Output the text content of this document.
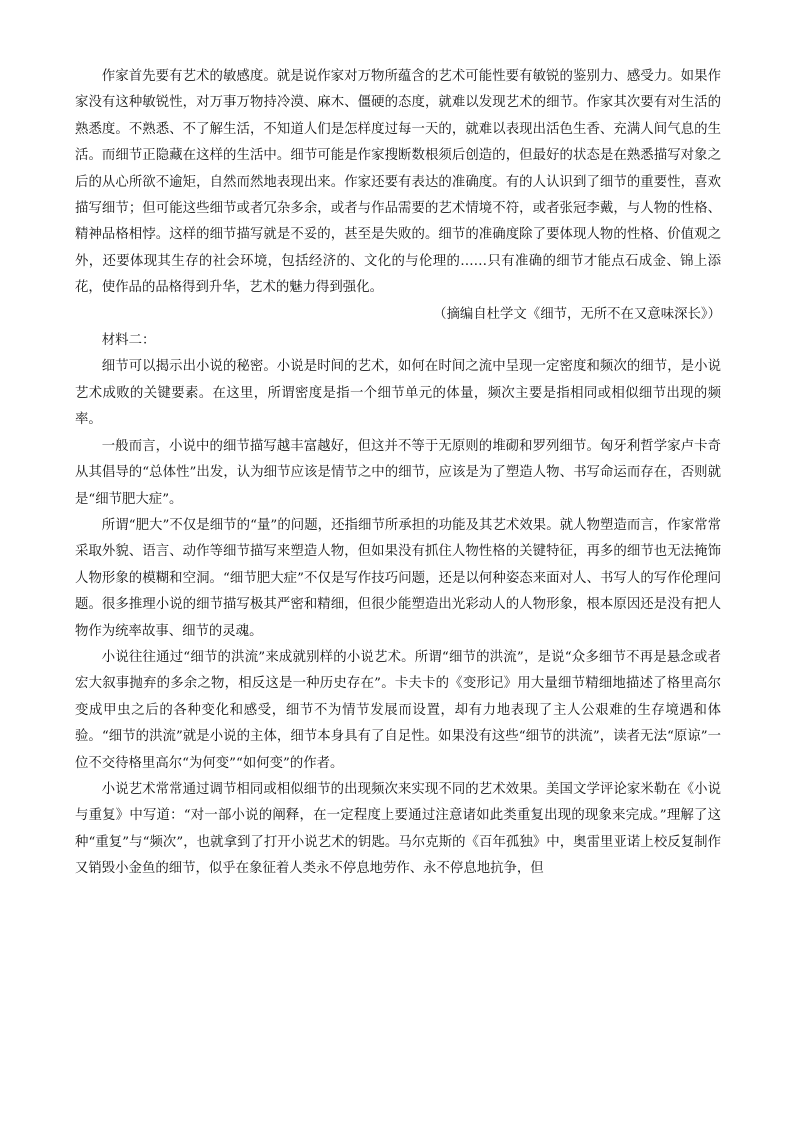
作家首先要有艺术的敏感度。就是说作家对万物所蕴含的艺术可能性要有敏锐的鉴别力、感受力。如果作家没有这种敏锐性，对万事万物持冷漠、麻木、僵硬的态度，就难以发现艺术的细节。作家其次要有对生活的熟悉度。不熟悉、不了解生活，不知道人们是怎样度过每一天的，就难以表现出活色生香、充满人间气息的生活。而细节正隐藏在这样的生活中。细节可能是作家搜断数根须后创造的，但最好的状态是在熟悉描写对象之后的从心所欲不逾矩，自然而然地表现出来。作家还要有表达的准确度。有的人认识到了细节的重要性，喜欢描写细节；但可能这些细节或者冗杂多余，或者与作品需要的艺术情境不符，或者张冠李戴，与人物的性格、精神品格相悖。这样的细节描写就是不妥的，甚至是失败的。细节的准确度除了要体现人物的性格、价值观之外，还要体现其生存的社会环境，包括经济的、文化的与伦理的……只有准确的细节才能点石成金、锦上添花，使作品的品格得到升华，艺术的魅力得到强化。

（摘编自杜学文《细节，无所不在又意味深长》）

材料二：

细节可以揭示出小说的秘密。小说是时间的艺术，如何在时间之流中呈现一定密度和频次的细节，是小说艺术成败的关键要素。在这里，所谓密度是指一个细节单元的体量，频次主要是指相同或相似细节出现的频率。

一般而言，小说中的细节描写越丰富越好，但这并不等于无原则的堆砌和罗列细节。匈牙利哲学家卢卡奇从其倡导的“总体性”出发，认为细节应该是情节之中的细节，应该是为了塑造人物、书写命运而存在，否则就是“细节肥大症”。

所谓“肥大”不仅是细节的“量”的问题，还指细节所承担的功能及其艺术效果。就人物塑造而言，作家常常采取外貌、语言、动作等细节描写来塑造人物，但如果没有抓住人物性格的关键特征，再多的细节也无法掩饰人物形象的模糊和空洞。“细节肥大症”不仅是写作技巧问题，还是以何种姿态来面对人、书写人的写作伦理问题。很多推理小说的细节描写极其严密和精细，但很少能塑造出光彩动人的人物形象，根本原因还是没有把人物作为统率故事、细节的灵魂。

小说往往通过“细节的洪流”来成就别样的小说艺术。所谓“细节的洪流”，是说“众多细节不再是悬念或者宏大叙事抛弃的多余之物，相反这是一种历史存在”。卡夫卡的《变形记》用大量细节精细地描述了格里高尔变成甲虫之后的各种变化和感受，细节不为情节发展而设置，却有力地表现了主人公艰难的生存境遇和体验。“细节的洪流”就是小说的主体，细节本身具有了自足性。如果没有这些“细节的洪流”，读者无法“原谅”一位不交待格里高尔“为何变”“如何变”的作者。

小说艺术常常通过调节相同或相似细节的出现频次来实现不同的艺术效果。美国文学评论家米勒在《小说与重复》中写道：“对一部小说的阐释，在一定程度上要通过注意诸如此类重复出现的现象来完成。”理解了这种“重复”与“频次”，也就拿到了打开小说艺术的钥匙。马尔克斯的《百年孤独》中，奥雷里亚诺上校反复制作又销毁小金鱼的细节，似乎在象征着人类永不停息地劳作、永不停息地抗争，但
